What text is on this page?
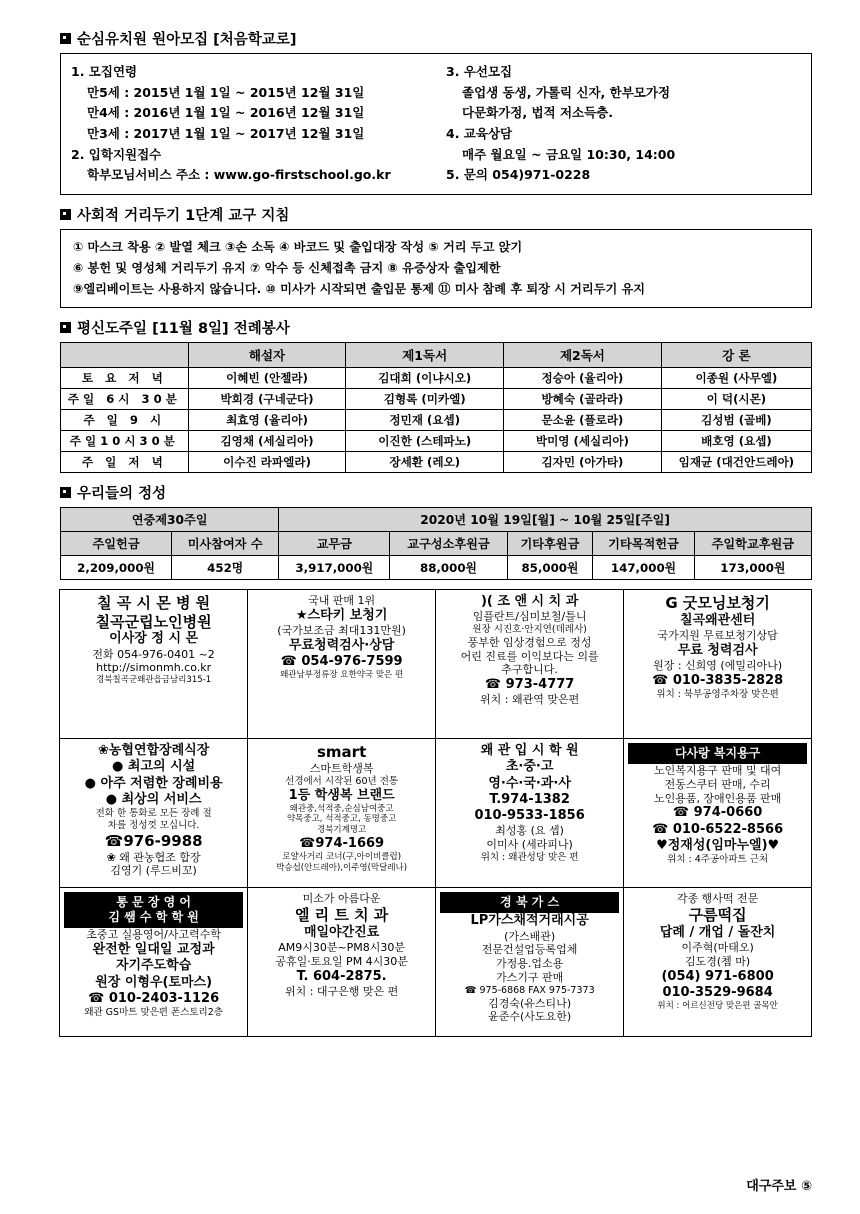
순심유치원 원아모집 [처음학교로]
1. 모집연령
만5세 : 2015년 1월 1일 ~ 2015년 12월 31일
만4세 : 2016년 1월 1일 ~ 2016년 12월 31일
만3세 : 2017년 1월 1일 ~ 2017년 12월 31일
2. 입학지원접수
학부모님서비스 주소 : www.go-firstschool.go.kr
3. 우선모집
졸업생 동생, 가톨릭 신자, 한부모가정
다문화가정, 법적 저소득층.
4. 교육상담
매주 월요일 ~ 금요일 10:30, 14:00
5. 문의 054)971-0228
사회적 거리두기 1단계 교구 지침

① 마스크 착용 ② 발열 체크 ③손 소독 ④ 바코드 및 출입대장 작성 ⑤ 거리 두고 앉기

⑥ 봉헌 및 영성체 거리두기 유지 ⑦ 악수 등 신체접촉 금지 ⑧ 유증상자 출입제한

⑨엘리베이트는 사용하지 않습니다. ⑩ 미사가 시작되면 출입문 통제 ⑪ 미사 참례 후 퇴장 시 거리두기 유지

평신도주일 [11월 8일] 전례봉사
	해설자	제1독서	제2독서	강 론
토 요 저 녁	이혜빈 (안젤라)	김대희 (이냐시오)	정승아 (율리아)	이종원 (사무엘)
주일 6시 30분	박희경 (구네군다)	김형록 (미카엘)	방혜숙 (골라라)	이 덕(시몬)
주 일 9 시	최효영 (율리아)	정민재 (요셉)	문소윤 (플로라)	김성범 (골베)
주일10시30분	김영채 (세실리아)	이진한 (스테파노)	박미영 (세실리아)	배호영 (요셉)
주 일 저 녁	이수진 라파엘라)	장세환 (레오)	김자민 (아가타)	임재균 (대건안드레아)
우리들의 정성
연중제30주일		2020년 10월 19일[월] ~ 10월 25일[주일]				
주일헌금	미사참여자 수	교무금	교구성소후원금	기타후원금	기타목적헌금	주일학교후원금
2,209,000원	452명	3,917,000원	88,000원	85,000원	147,000원	173,000원
칠 곡 시 몬 병 원
칠곡군립노인병원
이사장 정 시 몬
전화 054-976-0401 ~2
http://simonmh.co.kr
경북칠곡군왜관읍금남리315-1
국내 판매 1위
★스타키 보청기
(국가보조금 최대131만원)
무료청력검사·상담
☎ 054-976-7599
왜관남부정류장 요한약국 맞은 편
)( 조 앤 시 치 과
임플란트/심미보철/틀니
원장 시진호·안지연(데레사)
풍부한 임상경험으로 정성
어린 진료를 이익보다는 의를
추구합니다.
☎ 973-4777
위치 : 왜관역 맞은편
G 굿모닝보청기
칠곡왜관센터
국가지원 무료보청기상담
무료 청력검사
원장 : 신희영 (에밀리아나)
☎ 010-3835-2828
위치 : 북부공영주차장 맞은편
❀농협연합장례식장
● 최고의 시설
● 아주 저렴한 장례비용
● 최상의 서비스
전화 한 통화로 모든 장례 절
차를 정성껏 모십니다.
☎976-9988
❀ 왜 관농협조 합장
김영기 (루드비꼬)
smart
스마트학생복
선경에서 시작된 60년 전통
1등 학생복 브랜드
왜관중,석적중,순심남여중고
약목중고, 석적중고, 동명중고
경북기계명고
☎974-1669
로얄사거리 코너(구,아이비클럽)
박승섭(안드레아),이주영(막달레나)
왜 관 입 시 학 원
초·중·고
영·수·국·과·사
T.974-1382
010-9533-1856
최성홍 (요 셉)
이미사 (세라피나)
위치 : 왜관성당 맞은 편
다사랑 복지용구
노인복지용구 판매 및 대여
전동스쿠터 판매, 수리
노인용품, 장애인용품 판매
☎ 974-0660
☎ 010-6522-8566
♥정재성(임마누엘)♥
위치 : 4주공아파트 근처
통 문 장 영 어
김 쌤 수 학 학 원
초중고 실용영어/사고력수학
완전한 일대일 교정과
자기주도학습
원장 이형우(토마스)
☎ 010-2403-1126
왜관 GS마트 맞은편 폰스토리2층
미소가 아름다운
엘 리 트 치 과
매일야간진료
AM9시30분~PM8시30분
공휴일·토요일 PM 4시30분
T. 604-2875.
위치 : 대구은행 맞은 편
경 북 가 스
LP가스채적거래시공
(가스배관)
전문건설업등록업체
가정용.업소용
가스기구 판매
☎ 975-6868 FAX 975-7373
김경숙(유스티나)
윤준수(사도요한)
각종 행사떡 전문
구름떡집
답례 / 개업 / 돌잔치
이주혁(마태오)
김도경(쳄 마)
(054) 971-6800
010-3529-9684
위치 : 어르신전당 맞은편 골목안
대구주보 ⑤
